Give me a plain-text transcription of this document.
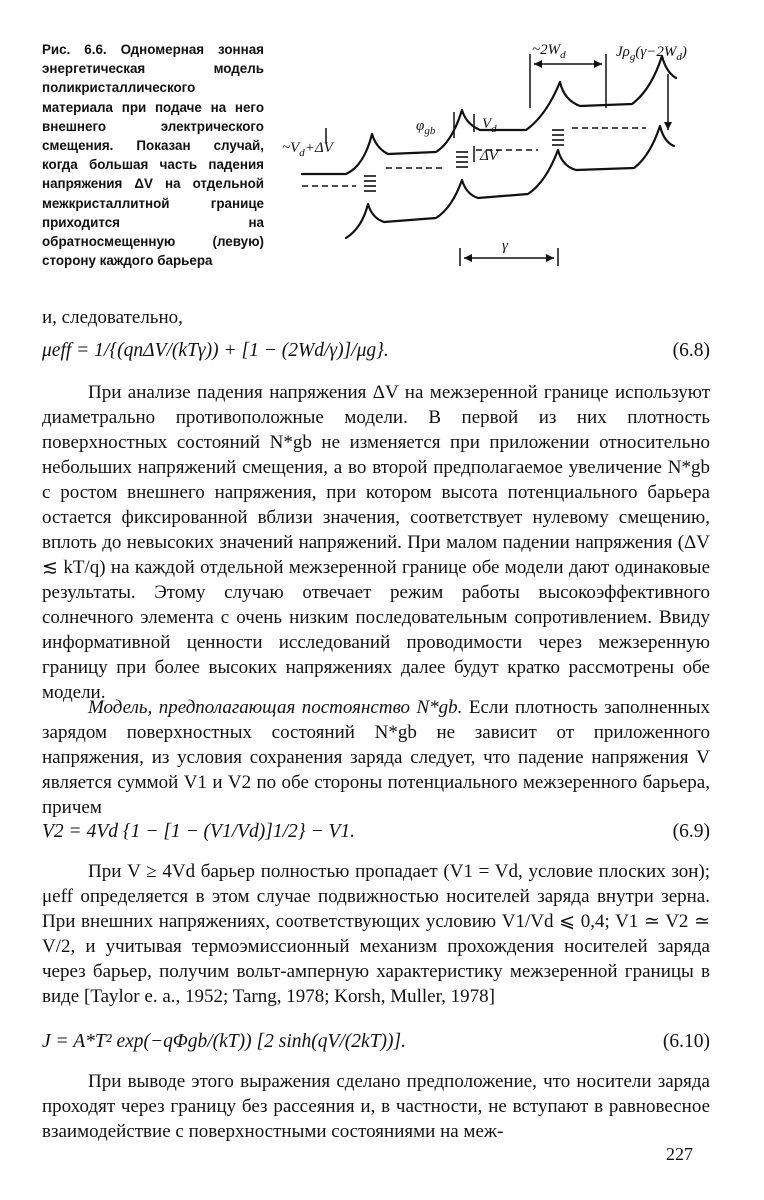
Рис. 6.6. Одномерная зонная энергетическая модель поликристаллического материала при подаче на него внешнего электрического смещения. Показан случай, когда большая часть падения напряжения ΔV на отдельной межкристаллитной границе приходится на обратносмещенную (левую) сторону каждого барьера
$\sim 2W_d$	$J\rho_g(\gamma-2W_d)$
$\varphi_{gb}$	$V_d$
$\sim V_d+\Delta V$	ΔV
γ

и, следовательно,

μeff = 1/{(qnΔV/(kTγ)) + [1 − (2Wd/γ)]/μg}.	(6.8)

При анализе падения напряжения ΔV на межзеренной границе используют диаметрально противоположные модели. В первой из них плотность поверхностных состояний N*gb не изменяется при приложении относительно небольших напряжений смещения, а во второй предполагаемое увеличение N*gb с ростом внешнего напряжения, при котором высота потенциального барьера остается фиксированной вблизи значения, соответствует нулевому смещению, вплоть до невысоких значений напряжений. При малом падении напряжения (ΔV ≲ kT/q) на каждой отдельной межзеренной границе обе модели дают одинаковые результаты. Этому случаю отвечает режим работы высокоэффективного солнечного элемента с очень низким последовательным сопротивлением. Ввиду информативной ценности исследований проводимости через межзеренную границу при более высоких напряжениях далее будут кратко рассмотрены обе модели.

Модель, предполагающая постоянство N*gb. Если плотность заполненных зарядом поверхностных состояний N*gb не зависит от приложенного напряжения, из условия сохранения заряда следует, что падение напряжения V является суммой V1 и V2 по обе стороны потенциального межзеренного барьера, причем

V2 = 4Vd {1 − [1 − (V1/Vd)]1/2} − V1.	(6.9)

При V ≥ 4Vd барьер полностью пропадает (V1 = Vd, условие плоских зон); μeff определяется в этом случае подвижностью носителей заряда внутри зерна. При внешних напряжениях, соответствующих условию V1/Vd ⩽ 0,4; V1 ≃ V2 ≃ V/2, и учитывая термоэмиссионный механизм прохождения носителей заряда через барьер, получим вольт-амперную характеристику межзеренной границы в виде [Taylor e. a., 1952; Tarng, 1978; Korsh, Muller, 1978]

J = A*T² exp(−qΦgb/(kT)) [2 sinh(qV/(2kT))].	(6.10)

При выводе этого выражения сделано предположение, что носители заряда проходят через границу без рассеяния и, в частности, не вступают в равновесное взаимодействие с поверхностными состояниями на меж-

227
